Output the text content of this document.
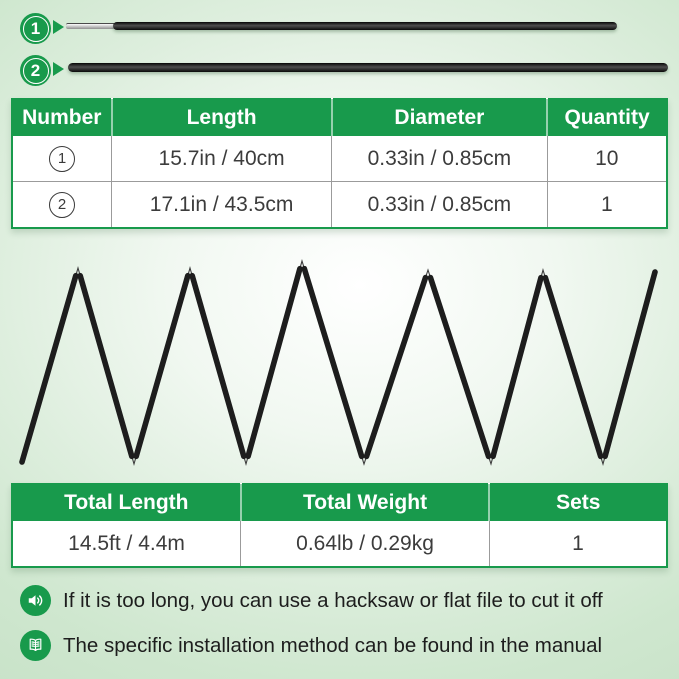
1
2
Number	Length	Diameter	Quantity

1	15.7in / 40cm	0.33in / 0.85cm	10

2	17.1in / 43.5cm	0.33in / 0.85cm	1
Total Length	Total Weight	Sets
14.5ft / 4.4m	0.64lb / 0.29kg	1
If it is too long, you can use a hacksaw or flat file to cut it off
The specific installation method can be found in the manual
